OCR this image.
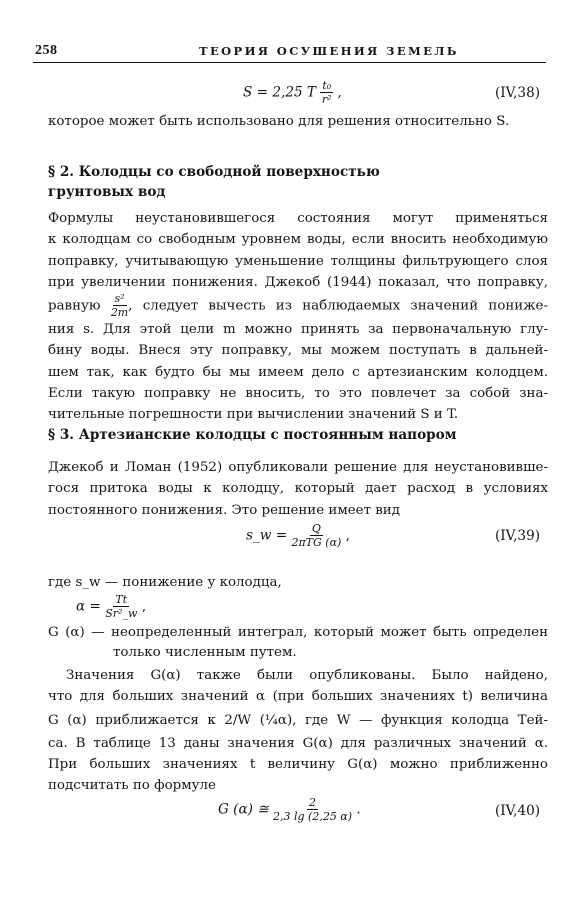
258	ТЕОРИЯ ОСУШЕНИЯ ЗЕМЕЛЬ
S = 2,25 T $\frac{\text{t₀}}{\text{r²}}$ ,	(IV,38)
которое может быть использовано для решения относительно S.
§ 2. Колодцы со свободной поверхностью
грунтовых вод
Формулы неустановившегося состояния могут применяться
к колодцам со свободным уровнем воды, если вносить необходимую
поправку, учитывающую уменьшение толщины фильтрующего слоя
при увеличении понижения. Джекоб (1944) показал, что поправку,
равную $\frac{\text{s²}}{2m}$ , следует вычесть из наблюдаемых значений пониже-
ния s. Для этой цели m можно принять за первоначальную глу-
бину воды. Внеся эту поправку, мы можем поступать в дальней-
шем так, как будто бы мы имеем дело с артезианским колодцем.
Если такую поправку не вносить, то это повлечет за собой зна-
чительные погрешности при вычислении значений S и T.
§ 3. Артезианские колодцы с постоянным напором
Джекоб и Ломан (1952) опубликовали решение для неустановивше-
гося притока воды к колодцу, который дает расход в условиях
постоянного понижения. Это решение имеет вид
s_w = $\frac{Q}{\text{2πTG (α)}}$ ,	(IV,39)
где s_w — понижение у колодца,
$\alpha = \frac{Tt}{\text{Sr²\_w}}$ ,
G (α) — неопределенный интеграл, который может быть определен
только численным путем.
Значения G(α) также были опубликованы. Было найдено,
что для больших значений α (при больших значениях t) величина
G (α) приближается к 2/W (¼α), где W — функция колодца Тей-
са. В таблице 13 даны значения G(α) для различных значений α.
При больших значениях t величину G(α) можно приближенно
подсчитать по формуле
G (α) ≅ $\frac{2}{2,3 \lg (2,25 \alpha)}$ .	(IV,40)
